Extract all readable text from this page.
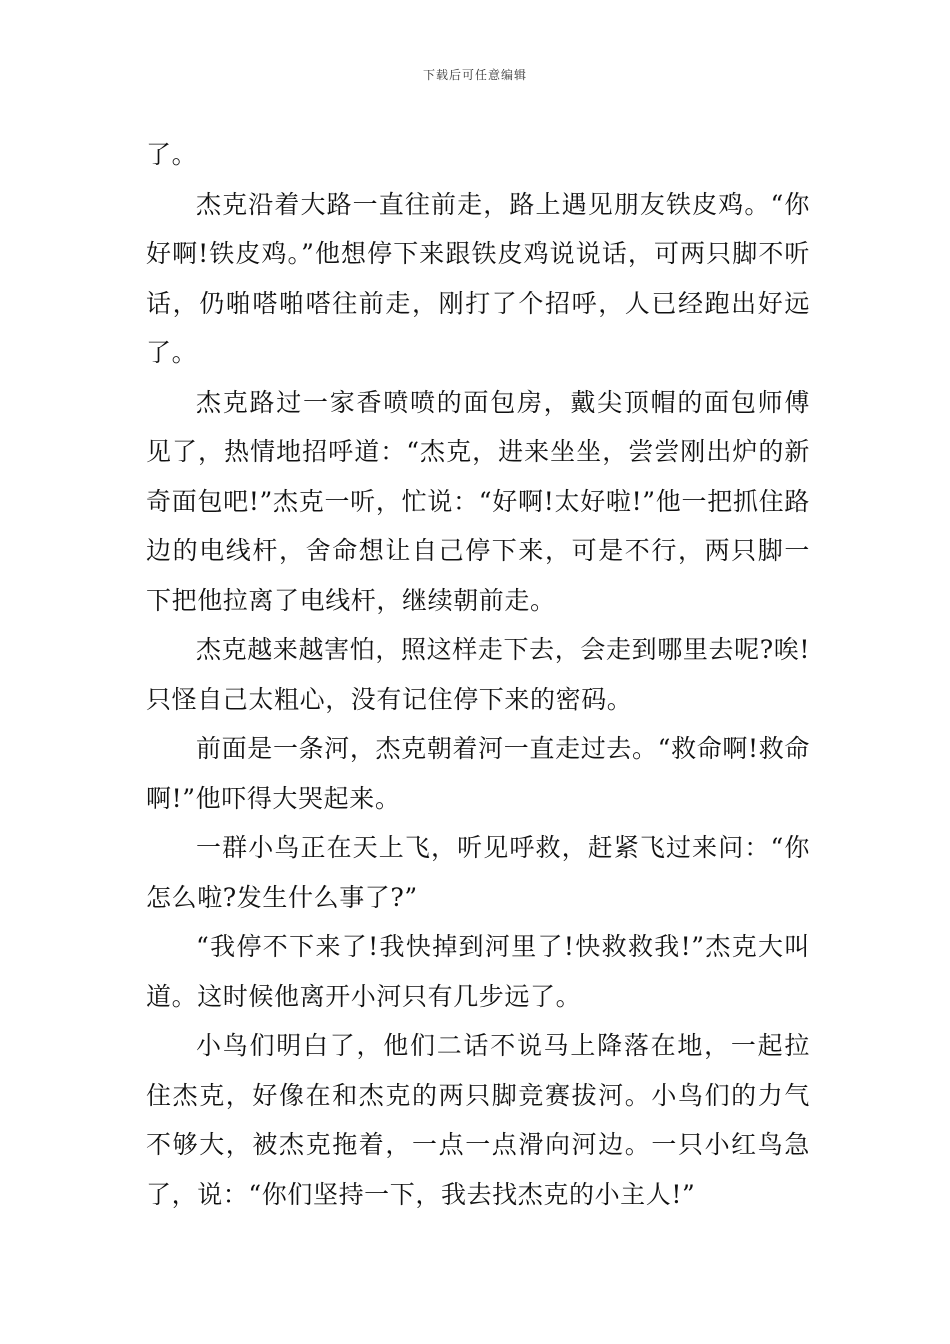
下载后可任意编辑

了。

杰克沿着大路一直往前走，路上遇见朋友铁皮鸡。“你好啊!铁皮鸡。”他想停下来跟铁皮鸡说说话，可两只脚不听话，仍啪嗒啪嗒往前走，刚打了个招呼，人已经跑出好远了。

杰克路过一家香喷喷的面包房，戴尖顶帽的面包师傅见了，热情地招呼道：“杰克，进来坐坐，尝尝刚出炉的新奇面包吧!”杰克一听，忙说：“好啊!太好啦!”他一把抓住路边的电线杆，舍命想让自己停下来，可是不行，两只脚一下把他拉离了电线杆，继续朝前走。

杰克越来越害怕，照这样走下去，会走到哪里去呢?唉!只怪自己太粗心，没有记住停下来的密码。

前面是一条河，杰克朝着河一直走过去。“救命啊!救命啊!”他吓得大哭起来。

一群小鸟正在天上飞，听见呼救，赶紧飞过来问：“你怎么啦?发生什么事了?”

“我停不下来了!我快掉到河里了!快救救我!”杰克大叫道。这时候他离开小河只有几步远了。

小鸟们明白了，他们二话不说马上降落在地，一起拉住杰克，好像在和杰克的两只脚竞赛拔河。小鸟们的力气不够大，被杰克拖着，一点一点滑向河边。一只小红鸟急了，说：“你们坚持一下，我去找杰克的小主人!”
